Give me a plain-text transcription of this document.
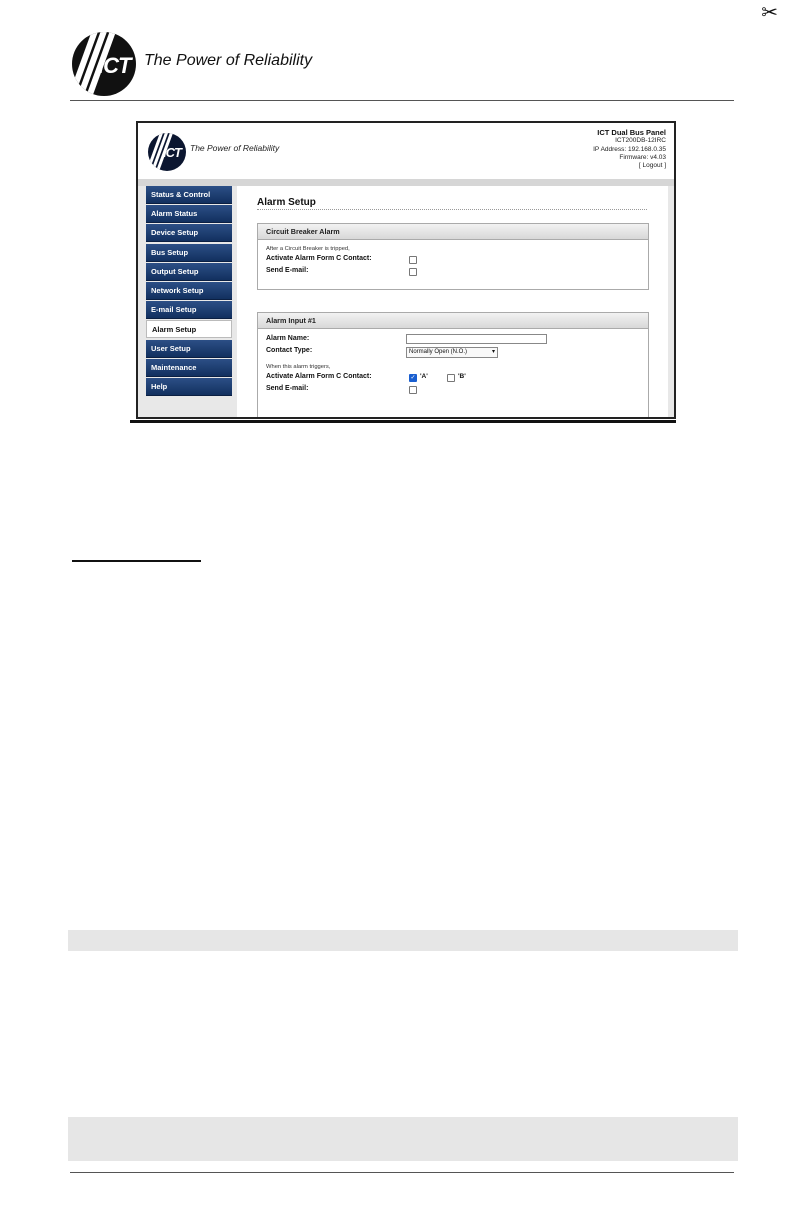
✂
ICT The Power of Reliability
ICT The Power of Reliability
ICT Dual Bus Panel
ICT200DB-12IRC
IP Address: 192.168.0.35
Firmware: v4.03
[ Logout ]
Status & Control
Alarm Status
Device Setup
Bus Setup
Output Setup
Network Setup
E-mail Setup
Alarm Setup
User Setup
Maintenance
Help
Alarm Setup
Circuit Breaker Alarm
After a Circuit Breaker is tripped,
Activate Alarm Form C Contact:
Send E-mail:
Alarm Input #1
Alarm Name:
Contact Type:	Normally Open (N.O.)	▾
When this alarm triggers,
Activate Alarm Form C Contact:	✓ 'A'	'B'
Send E-mail:
